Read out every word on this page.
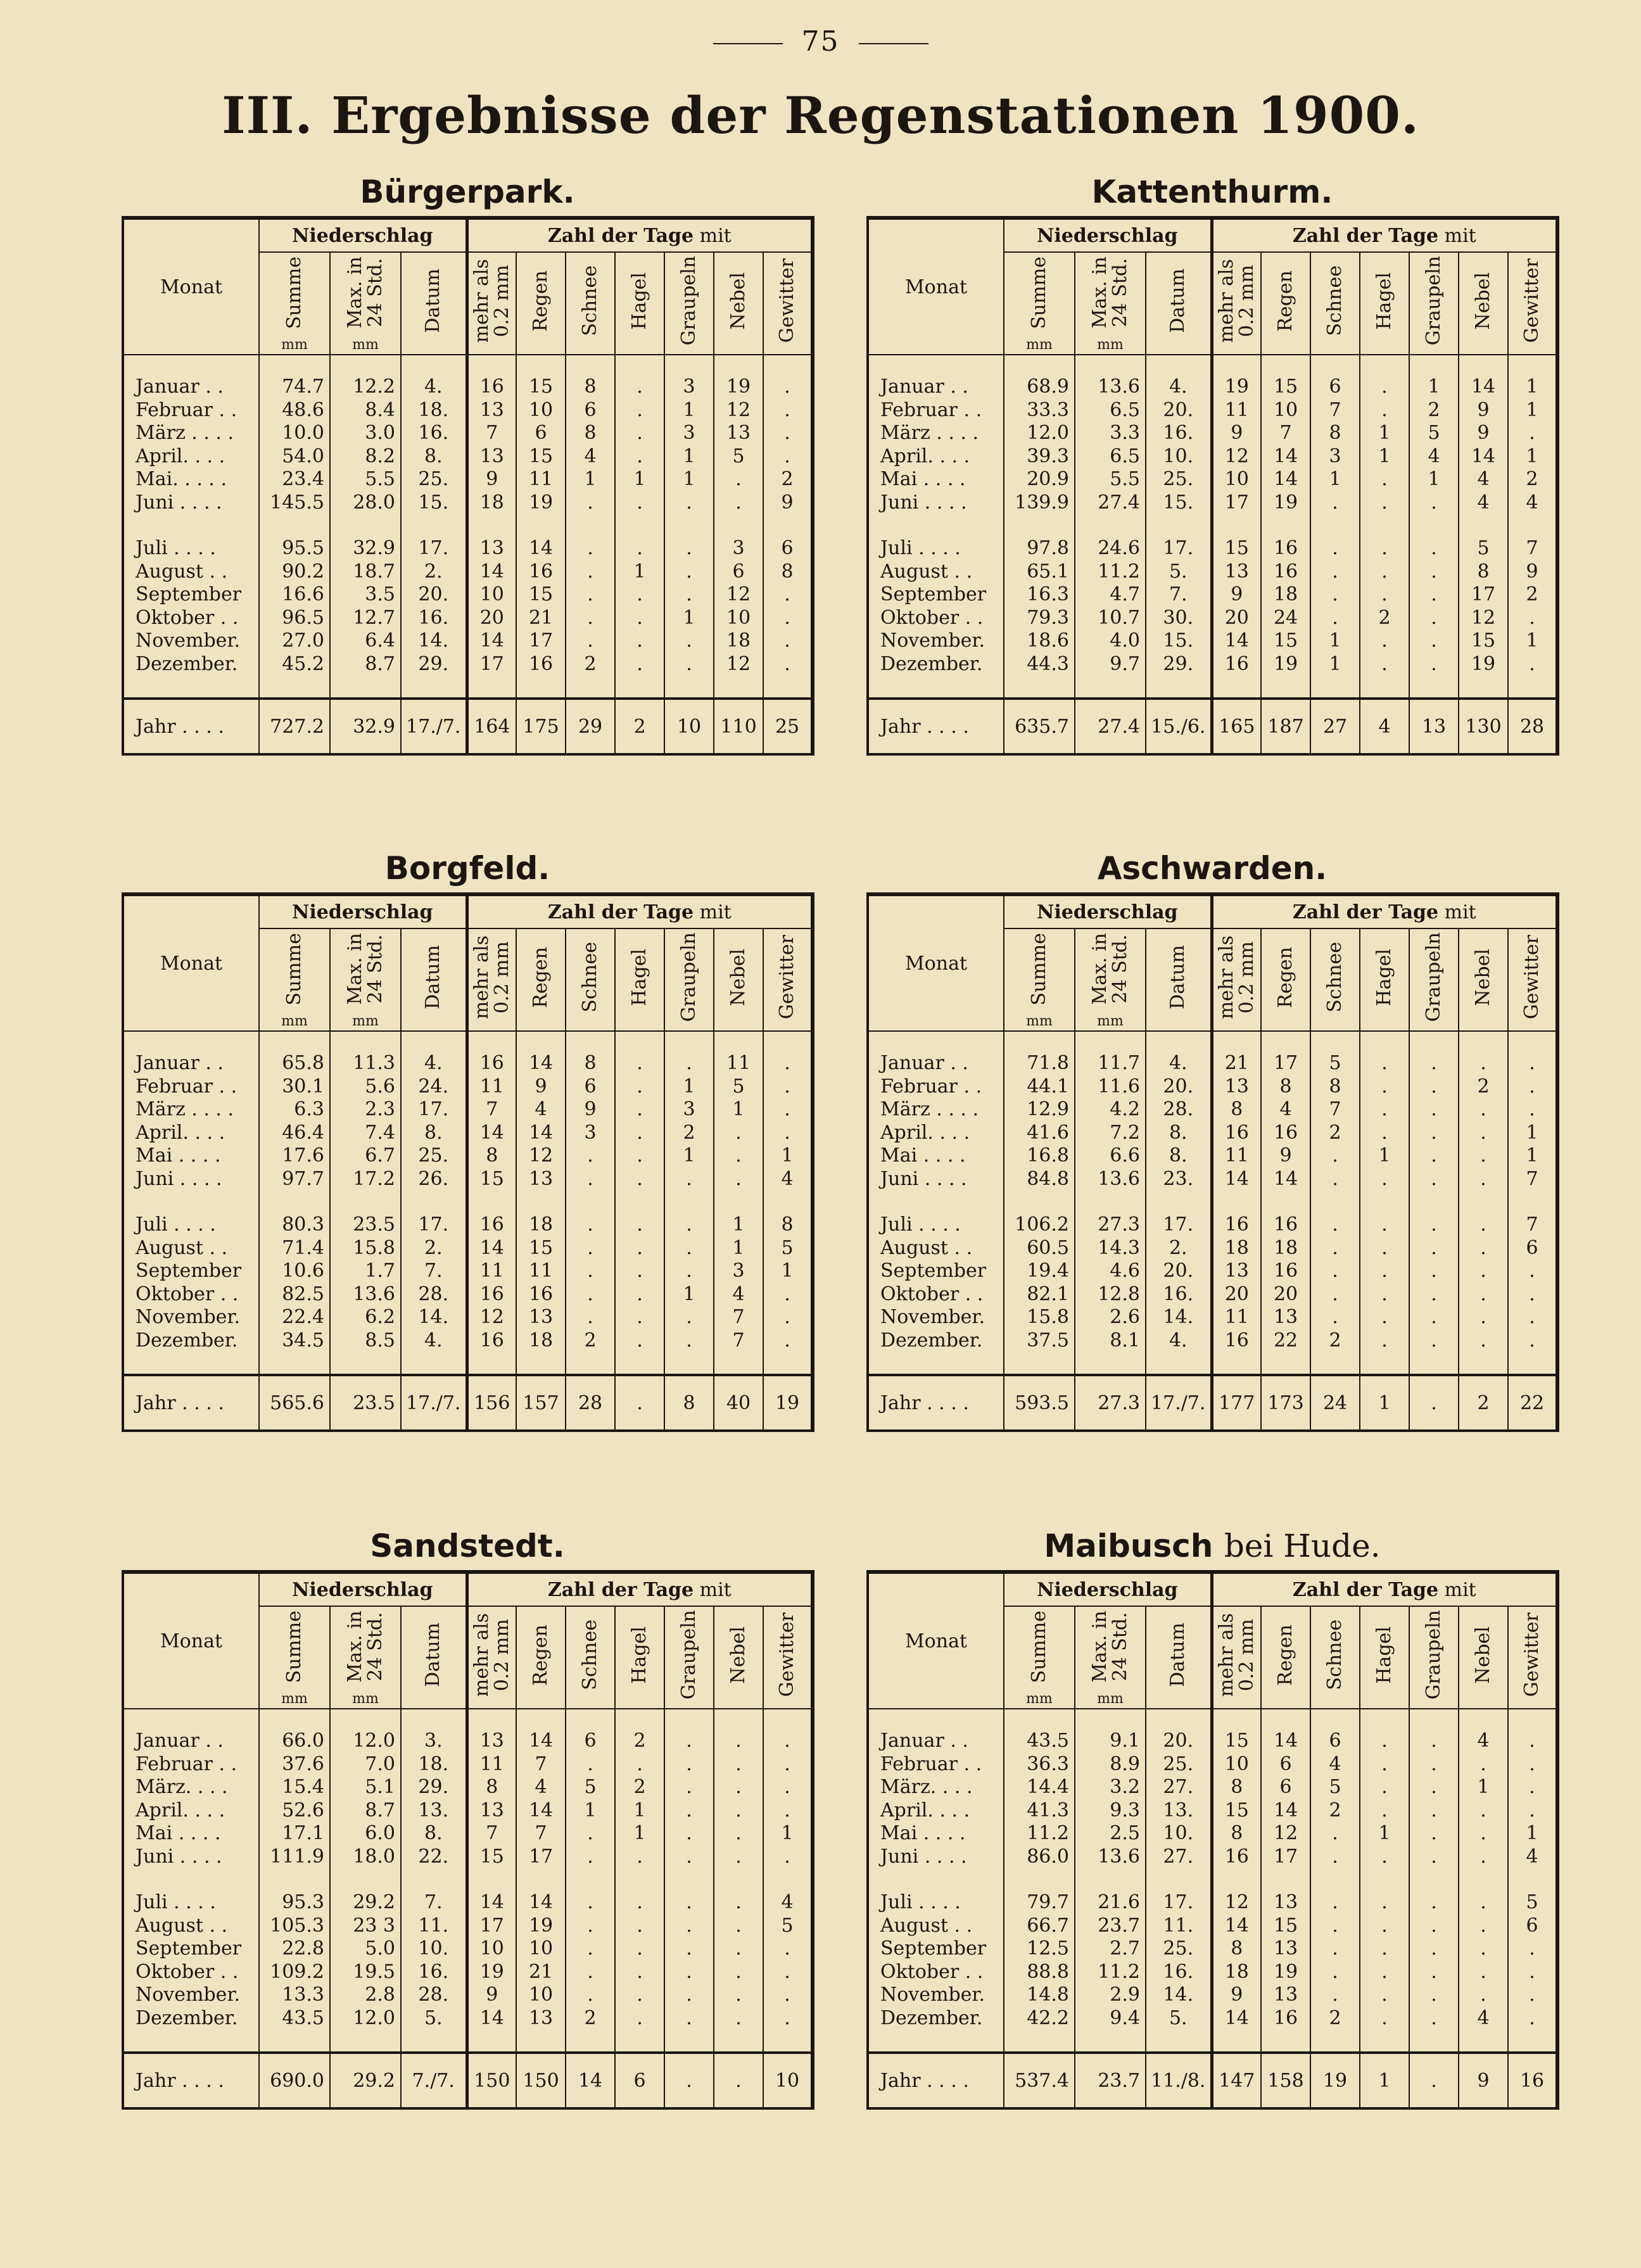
75
III. Ergebnisse der Regenstationen 1900.
Bürgerpark.
Monat	Niederschlag			Zahl der Tage mit						
	Summe
mm	Max. in
24 Std.
mm	Datum	mehr als
0.2 mm	Regen	Schnee	Hagel	Graupeln	Nebel	Gewitter

Januar . .	74.7	12.2	4.	16	15	8	.	3	19	.
Februar . .	48.6	8.4	18.	13	10	6	.	1	12	.
März . . . .	10.0	3.0	16.	7	6	8	.	3	13	.
April. . . .	54.0	8.2	8.	13	15	4	.	1	5	.
Mai. . . . .	23.4	5.5	25.	9	11	1	1	1	.	2
Juni . . . .	145.5	28.0	15.	18	19	.	.	.	.	9

Juli . . . .	95.5	32.9	17.	13	14	.	.	.	3	6
August . .	90.2	18.7	2.	14	16	.	1	.	6	8
September	16.6	3.5	20.	10	15	.	.	.	12	.
Oktober . .	96.5	12.7	16.	20	21	.	.	1	10	.
November.	27.0	6.4	14.	14	17	.	.	.	18	.
Dezember.	45.2	8.7	29.	17	16	2	.	.	12	.

Jahr . . . .	727.2	32.9	17./7.	164	175	29	2	10	110	25
Kattenthurm.
Monat	Niederschlag			Zahl der Tage mit						
	Summe
mm	Max. in
24 Std.
mm	Datum	mehr als
0.2 mm	Regen	Schnee	Hagel	Graupeln	Nebel	Gewitter

Januar . .	68.9	13.6	4.	19	15	6	.	1	14	1
Februar . .	33.3	6.5	20.	11	10	7	.	2	9	1
März . . . .	12.0	3.3	16.	9	7	8	1	5	9	.
April. . . .	39.3	6.5	10.	12	14	3	1	4	14	1
Mai . . . .	20.9	5.5	25.	10	14	1	.	1	4	2
Juni . . . .	139.9	27.4	15.	17	19	.	.	.	4	4

Juli . . . .	97.8	24.6	17.	15	16	.	.	.	5	7
August . .	65.1	11.2	5.	13	16	.	.	.	8	9
September	16.3	4.7	7.	9	18	.	.	.	17	2
Oktober . .	79.3	10.7	30.	20	24	.	2	.	12	.
November.	18.6	4.0	15.	14	15	1	.	.	15	1
Dezember.	44.3	9.7	29.	16	19	1	.	.	19	.

Jahr . . . .	635.7	27.4	15./6.	165	187	27	4	13	130	28
Borgfeld.
Monat	Niederschlag			Zahl der Tage mit						
	Summe
mm	Max. in
24 Std.
mm	Datum	mehr als
0.2 mm	Regen	Schnee	Hagel	Graupeln	Nebel	Gewitter

Januar . .	65.8	11.3	4.	16	14	8	.	.	11	.
Februar . .	30.1	5.6	24.	11	9	6	.	1	5	.
März . . . .	6.3	2.3	17.	7	4	9	.	3	1	.
April. . . .	46.4	7.4	8.	14	14	3	.	2	.	.
Mai . . . .	17.6	6.7	25.	8	12	.	.	1	.	1
Juni . . . .	97.7	17.2	26.	15	13	.	.	.	.	4

Juli . . . .	80.3	23.5	17.	16	18	.	.	.	1	8
August . .	71.4	15.8	2.	14	15	.	.	.	1	5
September	10.6	1.7	7.	11	11	.	.	.	3	1
Oktober . .	82.5	13.6	28.	16	16	.	.	1	4	.
November.	22.4	6.2	14.	12	13	.	.	.	7	.
Dezember.	34.5	8.5	4.	16	18	2	.	.	7	.

Jahr . . . .	565.6	23.5	17./7.	156	157	28	.	8	40	19
Aschwarden.
Monat	Niederschlag			Zahl der Tage mit						
	Summe
mm	Max. in
24 Std.
mm	Datum	mehr als
0.2 mm	Regen	Schnee	Hagel	Graupeln	Nebel	Gewitter

Januar . .	71.8	11.7	4.	21	17	5	.	.	.	.
Februar . .	44.1	11.6	20.	13	8	8	.	.	2	.
März . . . .	12.9	4.2	28.	8	4	7	.	.	.	.
April. . . .	41.6	7.2	8.	16	16	2	.	.	.	1
Mai . . . .	16.8	6.6	8.	11	9	.	1	.	.	1
Juni . . . .	84.8	13.6	23.	14	14	.	.	.	.	7

Juli . . . .	106.2	27.3	17.	16	16	.	.	.	.	7
August . .	60.5	14.3	2.	18	18	.	.	.	.	6
September	19.4	4.6	20.	13	16	.	.	.	.	.
Oktober . .	82.1	12.8	16.	20	20	.	.	.	.	.
November.	15.8	2.6	14.	11	13	.	.	.	.	.
Dezember.	37.5	8.1	4.	16	22	2	.	.	.	.

Jahr . . . .	593.5	27.3	17./7.	177	173	24	1	.	2	22
Sandstedt.
Monat	Niederschlag			Zahl der Tage mit						
	Summe
mm	Max. in
24 Std.
mm	Datum	mehr als
0.2 mm	Regen	Schnee	Hagel	Graupeln	Nebel	Gewitter

Januar . .	66.0	12.0	3.	13	14	6	2	.	.	.
Februar . .	37.6	7.0	18.	11	7	.	.	.	.	.
März. . . .	15.4	5.1	29.	8	4	5	2	.	.	.
April. . . .	52.6	8.7	13.	13	14	1	1	.	.	.
Mai . . . .	17.1	6.0	8.	7	7	.	1	.	.	1
Juni . . . .	111.9	18.0	22.	15	17	.	.	.	.	.

Juli . . . .	95.3	29.2	7.	14	14	.	.	.	.	4
August . .	105.3	23 3	11.	17	19	.	.	.	.	5
September	22.8	5.0	10.	10	10	.	.	.	.	.
Oktober . .	109.2	19.5	16.	19	21	.	.	.	.	.
November.	13.3	2.8	28.	9	10	.	.	.	.	.
Dezember.	43.5	12.0	5.	14	13	2	.	.	.	.

Jahr . . . .	690.0	29.2	7./7.	150	150	14	6	.	.	10
Maibusch bei Hude.
Monat	Niederschlag			Zahl der Tage mit						
	Summe
mm	Max. in
24 Std.
mm	Datum	mehr als
0.2 mm	Regen	Schnee	Hagel	Graupeln	Nebel	Gewitter

Januar . .	43.5	9.1	20.	15	14	6	.	.	4	.
Februar . .	36.3	8.9	25.	10	6	4	.	.	.	.
März. . . .	14.4	3.2	27.	8	6	5	.	.	1	.
April. . . .	41.3	9.3	13.	15	14	2	.	.	.	.
Mai . . . .	11.2	2.5	10.	8	12	.	1	.	.	1
Juni . . . .	86.0	13.6	27.	16	17	.	.	.	.	4

Juli . . . .	79.7	21.6	17.	12	13	.	.	.	.	5
August . .	66.7	23.7	11.	14	15	.	.	.	.	6
September	12.5	2.7	25.	8	13	.	.	.	.	.
Oktober . .	88.8	11.2	16.	18	19	.	.	.	.	.
November.	14.8	2.9	14.	9	13	.	.	.	.	.
Dezember.	42.2	9.4	5.	14	16	2	.	.	4	.

Jahr . . . .	537.4	23.7	11./8.	147	158	19	1	.	9	16
